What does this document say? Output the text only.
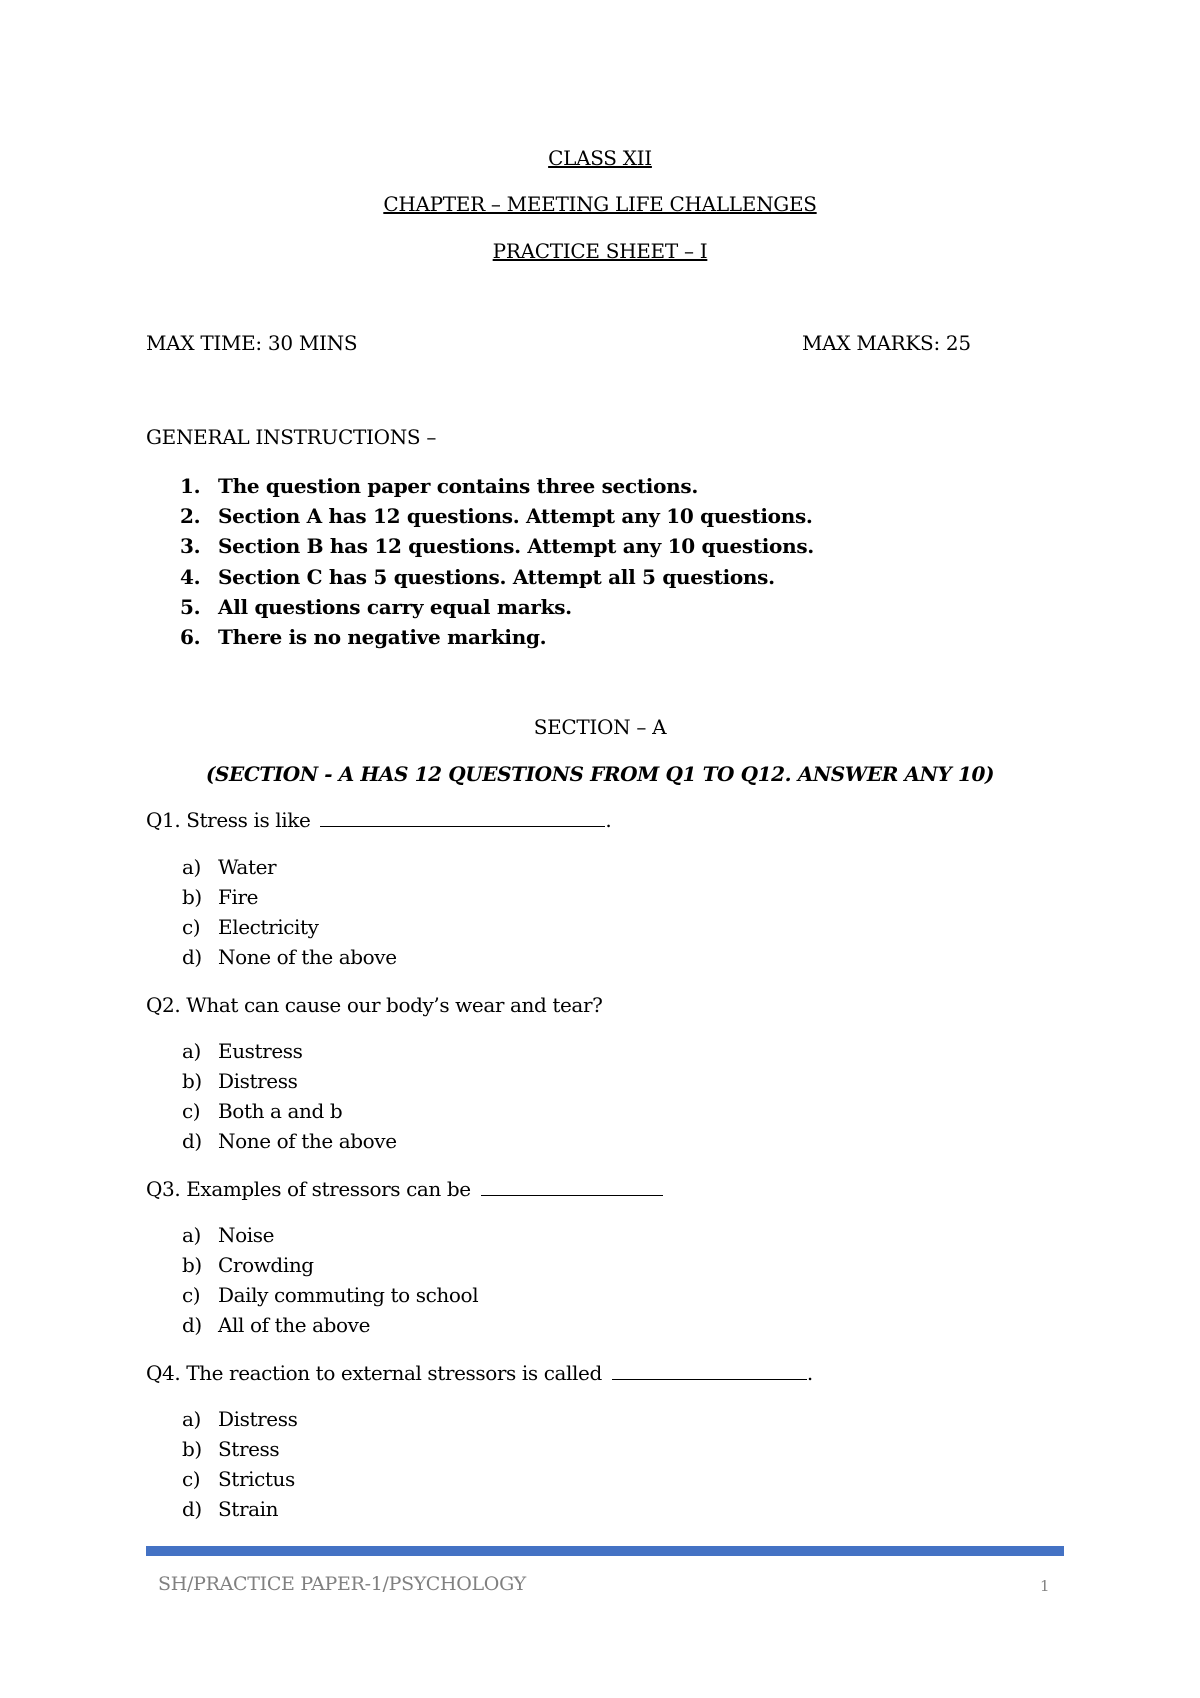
CLASS XII
CHAPTER – MEETING LIFE CHALLENGES
PRACTICE SHEET – I
MAX TIME: 30 MINS	MAX MARKS: 25
GENERAL INSTRUCTIONS –
1. The question paper contains three sections.
2. Section A has 12 questions. Attempt any 10 questions.
3. Section B has 12 questions. Attempt any 10 questions.
4. Section C has 5 questions. Attempt all 5 questions.
5. All questions carry equal marks.
6. There is no negative marking.
SECTION – A
(SECTION - A HAS 12 QUESTIONS FROM Q1 TO Q12. ANSWER ANY 10)
Q1. Stress is like	.
a) Water
b) Fire
c) Electricity
d) None of the above
Q2. What can cause our body’s wear and tear?
a) Eustress
b) Distress
c) Both a and b
d) None of the above
Q3. Examples of stressors can be
a) Noise
b) Crowding
c) Daily commuting to school
d) All of the above
Q4. The reaction to external stressors is called	.
a) Distress
b) Stress
c) Strictus
d) Strain
SH/PRACTICE PAPER-1/PSYCHOLOGY	1
